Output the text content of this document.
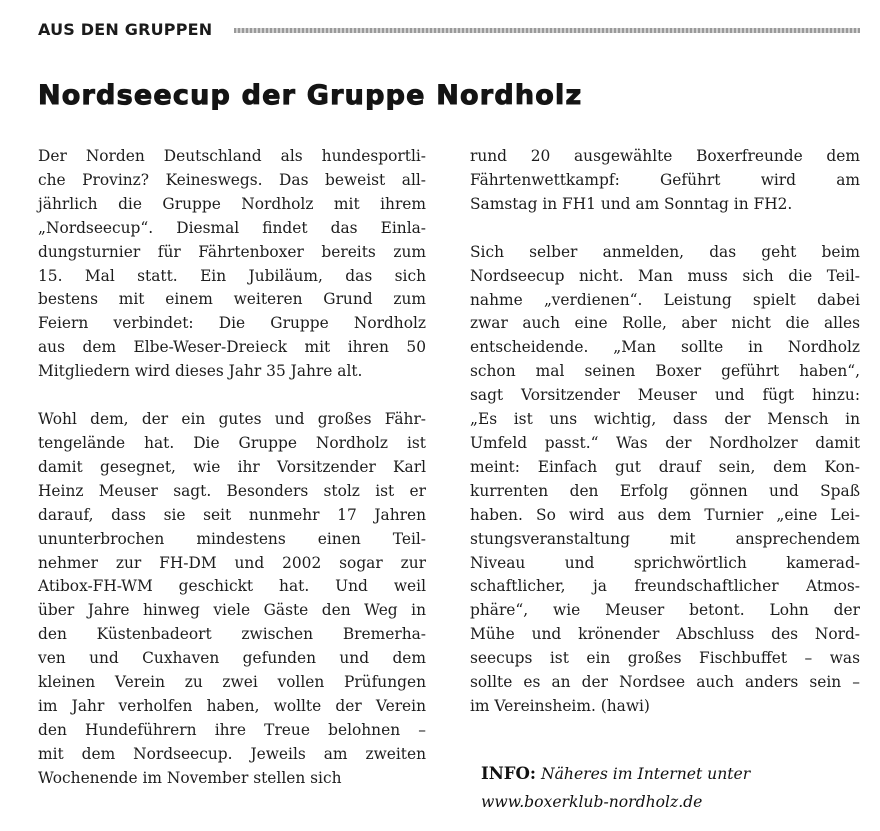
AUS DEN GRUPPEN
Nordseecup der Gruppe Nordholz

Der Norden Deutschland als hundesportli-
che Provinz? Keineswegs. Das beweist all-
jährlich die Gruppe Nordholz mit ihrem
„Nordseecup“. Diesmal findet das Einla-
dungsturnier für Fährtenboxer bereits zum
15. Mal statt. Ein Jubiläum, das sich
bestens mit einem weiteren Grund zum
Feiern verbindet: Die Gruppe Nordholz
aus dem Elbe-Weser-Dreieck mit ihren 50
Mitgliedern wird dieses Jahr 35 Jahre alt.

Wohl dem, der ein gutes und großes Fähr-
tengelände hat. Die Gruppe Nordholz ist
damit gesegnet, wie ihr Vorsitzender Karl
Heinz Meuser sagt. Besonders stolz ist er
darauf, dass sie seit nunmehr 17 Jahren
ununterbrochen mindestens einen Teil-
nehmer zur FH-DM und 2002 sogar zur
Atibox-FH-WM geschickt hat. Und weil
über Jahre hinweg viele Gäste den Weg in
den Küstenbadeort zwischen Bremerha-
ven und Cuxhaven gefunden und dem
kleinen Verein zu zwei vollen Prüfungen
im Jahr verholfen haben, wollte der Verein
den Hundeführern ihre Treue belohnen –
mit dem Nordseecup. Jeweils am zweiten
Wochenende im November stellen sich

rund 20 ausgewählte Boxerfreunde dem
Fährtenwettkampf: Geführt wird am
Samstag in FH1 und am Sonntag in FH2.

Sich selber anmelden, das geht beim
Nordseecup nicht. Man muss sich die Teil-
nahme „verdienen“. Leistung spielt dabei
zwar auch eine Rolle, aber nicht die alles
entscheidende. „Man sollte in Nordholz
schon mal seinen Boxer geführt haben“,
sagt Vorsitzender Meuser und fügt hinzu:
„Es ist uns wichtig, dass der Mensch in
Umfeld passt.“ Was der Nordholzer damit
meint: Einfach gut drauf sein, dem Kon-
kurrenten den Erfolg gönnen und Spaß
haben. So wird aus dem Turnier „eine Lei-
stungsveranstaltung mit ansprechendem
Niveau und sprichwörtlich kamerad-
schaftlicher, ja freundschaftlicher Atmos-
phäre“, wie Meuser betont. Lohn der
Mühe und krönender Abschluss des Nord-
seecups ist ein großes Fischbuffet – was
sollte es an der Nordsee auch anders sein –
im Vereinsheim. (hawi)

INFO: Näheres im Internet unter
www.boxerklub-nordholz.de
